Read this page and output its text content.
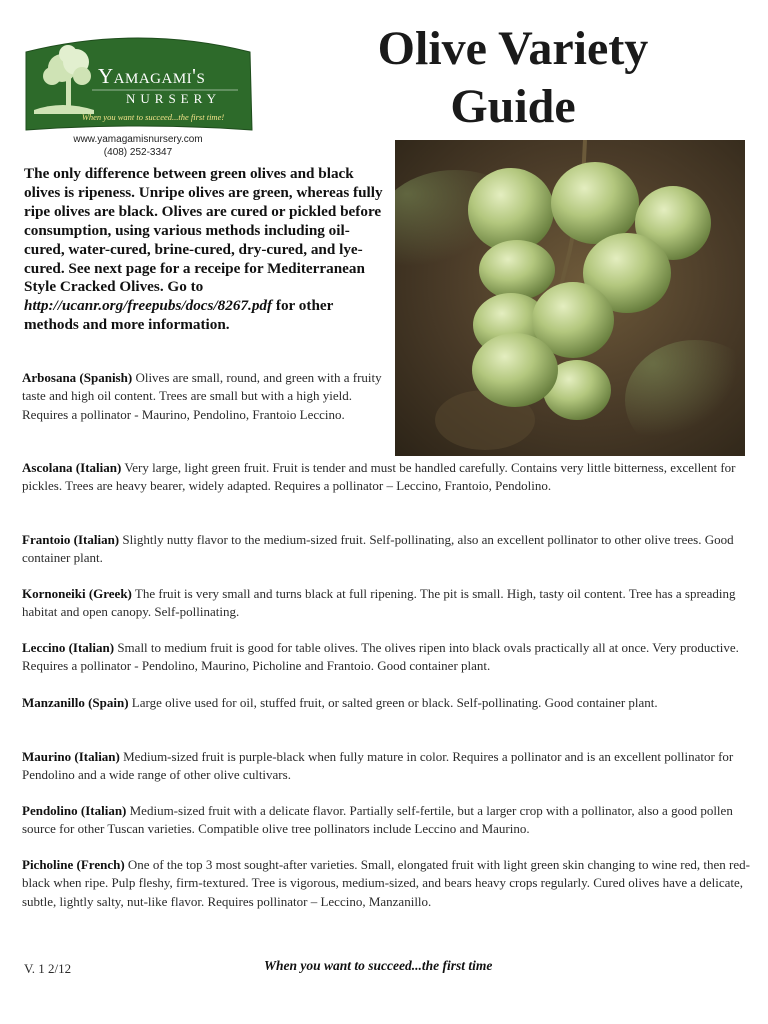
Yamagami's
NURSERY
When you want to succeed...the first time!
www.yamagamisnursery.com
(408) 252-3347
Olive Variety
Guide

The only difference between green olives and black olives is ripeness. Unripe olives are green, whereas fully ripe olives are black. Olives are cured or pickled before consumption, using various methods including oil-cured, water-cured, brine-cured, dry-cured, and lye-cured. See next page for a receipe for Mediterranean Style Cracked Olives. Go to http://ucanr.org/freepubs/docs/8267.pdf for other methods and more information.

Arbosana (Spanish) Olives are small, round, and green with a fruity taste and high oil content. Trees are small but with a high yield. Requires a pollinator - Maurino, Pendolino, Frantoio Leccino.

Ascolana (Italian) Very large, light green fruit. Fruit is tender and must be handled carefully. Contains very little bitterness, excellent for pickles. Trees are heavy bearer, widely adapted. Requires a pollinator – Leccino, Frantoio, Pendolino.

Frantoio (Italian) Slightly nutty flavor to the medium-sized fruit. Self-pollinating, also an excellent pollinator to other olive trees. Good container plant.

Kornoneiki (Greek) The fruit is very small and turns black at full ripening. The pit is small. High, tasty oil content. Tree has a spreading habitat and open canopy. Self-pollinating.

Leccino (Italian) Small to medium fruit is good for table olives. The olives ripen into black ovals practically all at once. Very productive. Requires a pollinator - Pendolino, Maurino, Picholine and Frantoio. Good container plant.

Manzanillo (Spain) Large olive used for oil, stuffed fruit, or salted green or black. Self-pollinating. Good container plant.

Maurino (Italian) Medium-sized fruit is purple-black when fully mature in color. Requires a pollinator and is an excellent pollinator for Pendolino and a wide range of other olive cultivars.

Pendolino (Italian) Medium-sized fruit with a delicate flavor. Partially self-fertile, but a larger crop with a pollinator, also a good pollen source for other Tuscan varieties. Compatible olive tree pollinators include Leccino and Maurino.

Picholine (French) One of the top 3 most sought-after varieties. Small, elongated fruit with light green skin changing to wine red, then red-black when ripe. Pulp fleshy, firm-textured. Tree is vigorous, medium-sized, and bears heavy crops regularly. Cured olives have a delicate, subtle, lightly salty, nut-like flavor. Requires pollinator – Leccino, Manzanillo.

V. 1 2/12	When you want to succeed...the first time
